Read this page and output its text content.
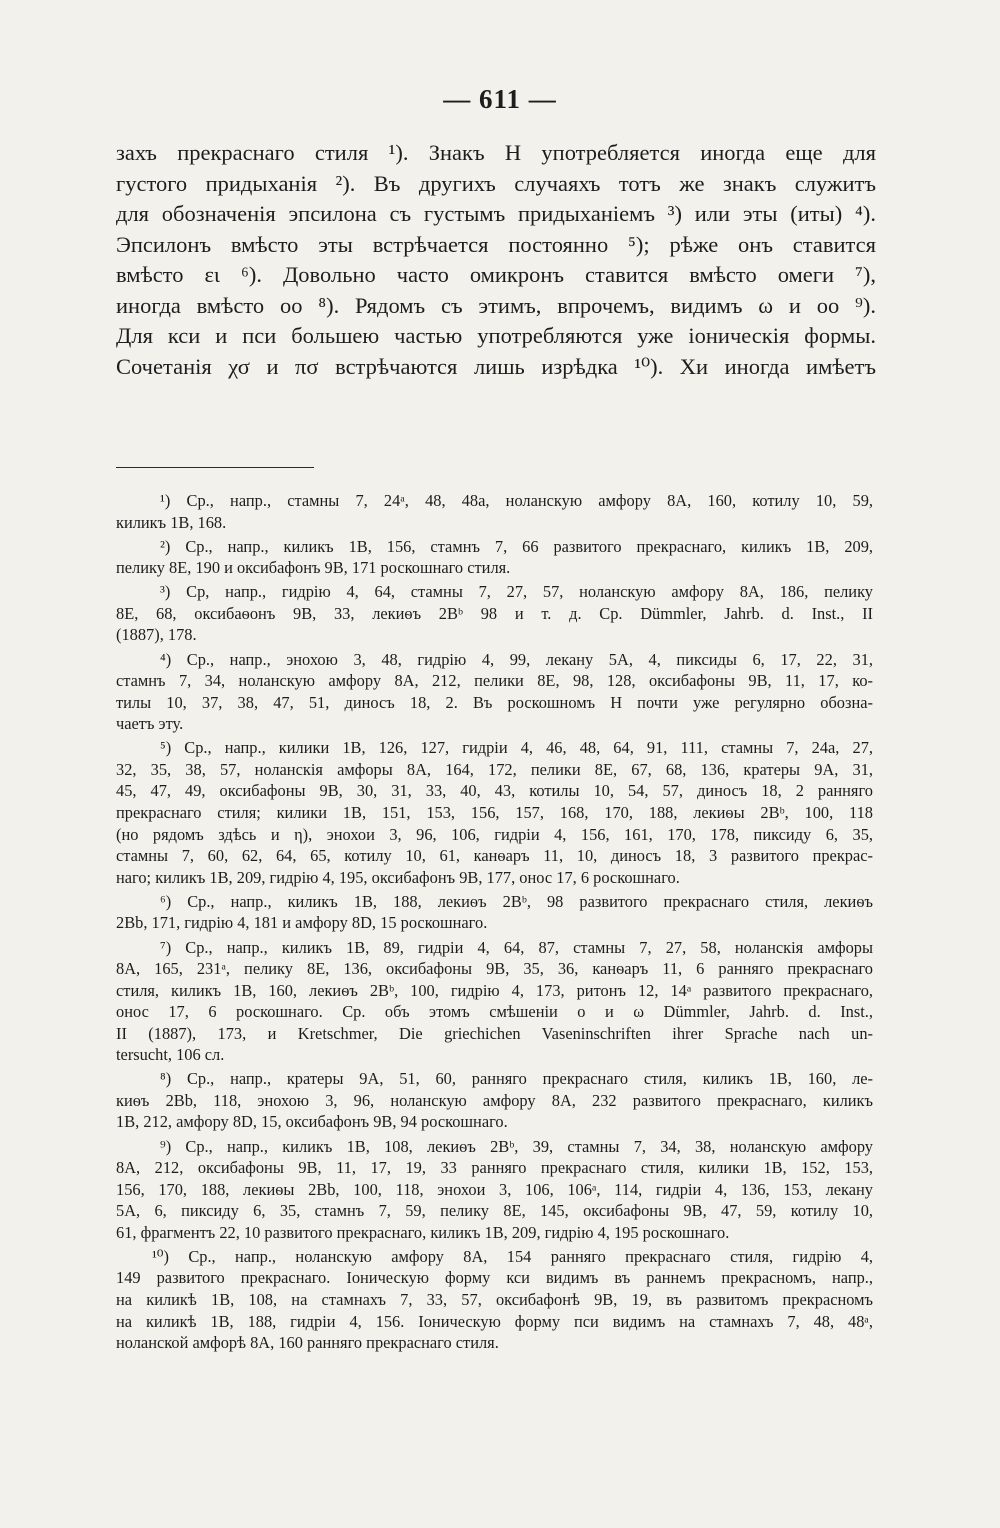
— 611 —
захъ прекраснаго стиля ¹). Знакъ H употребляется иногда еще для
густого придыханія ²). Въ другихъ случаяхъ тотъ же знакъ служитъ
для обозначенія эпсилона съ густымъ придыханіемъ ³) или эты (иты) ⁴).
Эпсилонъ вмѣсто эты встрѣчается постоянно ⁵); рѣже онъ ставится
вмѣсто ει ⁶). Довольно часто омикронъ ставится вмѣсто омеги ⁷),
иногда вмѣсто οο ⁸). Рядомъ съ этимъ, впрочемъ, видимъ ω и οο ⁹).
Для кси и пси большею частью употребляются уже іоническія формы.
Сочетанія χσ и πσ встрѣчаются лишь изрѣдка ¹⁰). Хи иногда имѣетъ
¹) Ср., напр., стамны 7, 24ᵃ, 48, 48a, ноланскую амфору 8A, 160, котилу 10, 59,
киликъ 1B, 168.
²) Ср., напр., киликъ 1B, 156, стамнъ 7, 66 развитого прекраснаго, киликъ 1B, 209,
пелику 8E, 190 и оксибафонъ 9B, 171 роскошнаго стиля.
³) Ср, напр., гидрію 4, 64, стамны 7, 27, 57, ноланскую амфору 8A, 186, пелику
8E, 68, оксибаѳонъ 9B, 33, лекиѳъ 2Bᵇ 98 и т. д. Ср. Dümmler, Jahrb. d. Inst., II
(1887), 178.
⁴) Ср., напр., энохою 3, 48, гидрію 4, 99, лекану 5A, 4, пиксиды 6, 17, 22, 31,
стамнъ 7, 34, ноланскую амфору 8A, 212, пелики 8E, 98, 128, оксибафоны 9B, 11, 17, ко-
тилы 10, 37, 38, 47, 51, диносъ 18, 2. Въ роскошномъ H почти уже регулярно обозна-
чаетъ эту.
⁵) Ср., напр., килики 1B, 126, 127, гидріи 4, 46, 48, 64, 91, 111, стамны 7, 24a, 27,
32, 35, 38, 57, ноланскія амфоры 8A, 164, 172, пелики 8E, 67, 68, 136, кратеры 9A, 31,
45, 47, 49, оксибафоны 9B, 30, 31, 33, 40, 43, котилы 10, 54, 57, диносъ 18, 2 ранняго
прекраснаго стиля; килики 1B, 151, 153, 156, 157, 168, 170, 188, лекиѳы 2Bᵇ, 100, 118
(но рядомъ здѣсь и η), энохои 3, 96, 106, гидріи 4, 156, 161, 170, 178, пиксиду 6, 35,
стамны 7, 60, 62, 64, 65, котилу 10, 61, канѳаръ 11, 10, диносъ 18, 3 развитого прекрас-
наго; киликъ 1B, 209, гидрію 4, 195, оксибафонъ 9B, 177, онос 17, 6 роскошнаго.
⁶) Ср., напр., киликъ 1B, 188, лекиѳъ 2Bᵇ, 98 развитого прекраснаго стиля, лекиѳъ
2Bb, 171, гидрію 4, 181 и амфору 8D, 15 роскошнаго.
⁷) Ср., напр., киликъ 1B, 89, гидріи 4, 64, 87, стамны 7, 27, 58, ноланскія амфоры
8A, 165, 231ᵃ, пелику 8E, 136, оксибафоны 9B, 35, 36, канѳаръ 11, 6 ранняго прекраснаго
стиля, киликъ 1B, 160, лекиѳъ 2Bᵇ, 100, гидрію 4, 173, ритонъ 12, 14ᵃ развитого прекраснаго,
онос 17, 6 роскошнаго. Ср. объ этомъ смѣшеніи ο и ω Dümmler, Jahrb. d. Inst.,
II (1887), 173, и Kretschmer, Die griechichen Vaseninschriften ihrer Sprache nach un-
tersucht, 106 сл.
⁸) Ср., напр., кратеры 9A, 51, 60, ранняго прекраснаго стиля, киликъ 1B, 160, ле-
киѳъ 2Bb, 118, энохою 3, 96, ноланскую амфору 8A, 232 развитого прекраснаго, киликъ
1B, 212, амфору 8D, 15, оксибафонъ 9B, 94 роскошнаго.
⁹) Ср., напр., киликъ 1B, 108, лекиѳъ 2Bᵇ, 39, стамны 7, 34, 38, ноланскую амфору
8A, 212, оксибафоны 9B, 11, 17, 19, 33 ранняго прекраснаго стиля, килики 1B, 152, 153,
156, 170, 188, лекиѳы 2Bb, 100, 118, энохои 3, 106, 106ᵃ, 114, гидріи 4, 136, 153, лекану
5A, 6, пиксиду 6, 35, стамнъ 7, 59, пелику 8E, 145, оксибафоны 9B, 47, 59, котилу 10,
61, фрагментъ 22, 10 развитого прекраснаго, киликъ 1B, 209, гидрію 4, 195 роскошнаго.
¹⁰) Ср., напр., ноланскую амфору 8A, 154 ранняго прекраснаго стиля, гидрію 4,
149 развитого прекраснаго. Іоническую форму кси видимъ въ раннемъ прекрасномъ, напр.,
на киликѣ 1B, 108, на стамнахъ 7, 33, 57, оксибафонѣ 9B, 19, въ развитомъ прекрасномъ
на киликѣ 1B, 188, гидріи 4, 156. Іоническую форму пси видимъ на стамнахъ 7, 48, 48ᵃ,
ноланской амфорѣ 8A, 160 ранняго прекраснаго стиля.
